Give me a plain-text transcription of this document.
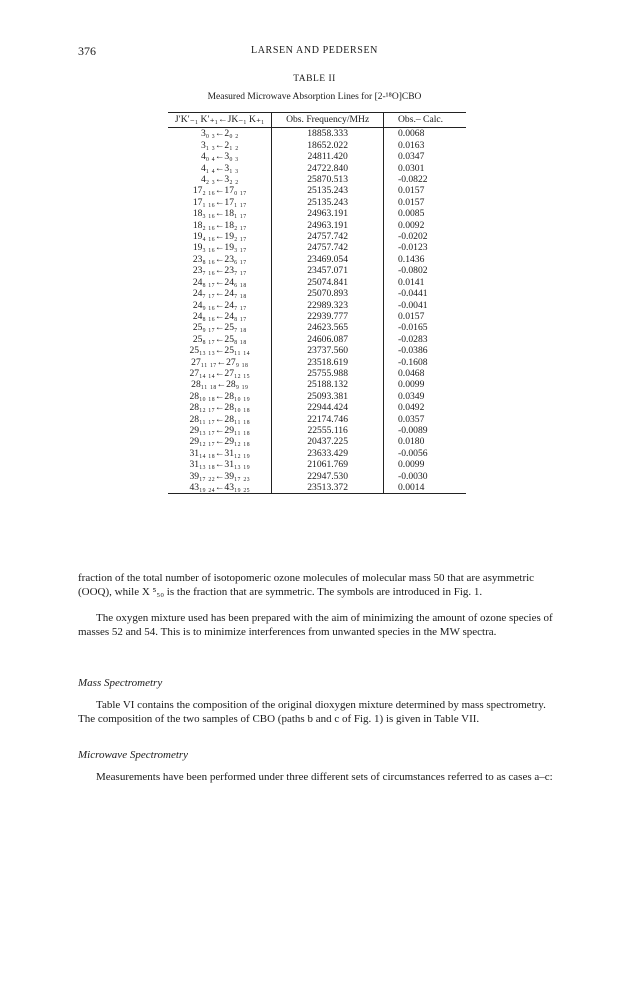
376	LARSEN AND PEDERSEN
TABLE II
Measured Microwave Absorption Lines for [2-¹⁸O]CBO
J′K′₋₁ K′₊₁←JK₋₁ K₊₁	Obs. Frequency/MHz	Obs.– Calc.
3₀ ₃←2₀ ₂	18858.333	0.0068
3₁ ₃←2₁ ₂	18652.022	0.0163
4₀ ₄←3₀ ₃	24811.420	0.0347
4₁ ₄←3₁ ₃	24722.840	0.0301
4₂ ₃←3₂ ₂	25870.513	-0.0822
17₂ ₁₆←17₀ ₁₇	25135.243	0.0157
17₁ ₁₆←17₁ ₁₇	25135.243	0.0157
18₃ ₁₆←18₁ ₁₇	24963.191	0.0085
18₂ ₁₆←18₂ ₁₇	24963.191	0.0092
19₄ ₁₆←19₂ ₁₇	24757.742	-0.0202
19₃ ₁₆←19₃ ₁₇	24757.742	-0.0123
23₈ ₁₆←23₆ ₁₇	23469.054	0.1436
23₇ ₁₆←23₇ ₁₇	23457.071	-0.0802
24₈ ₁₇←24₆ ₁₈	25074.841	0.0141
24₇ ₁₇←24₇ ₁₈	25070.893	-0.0441
24₉ ₁₆←24₇ ₁₇	22989.323	-0.0041
24₈ ₁₆←24₈ ₁₇	22939.777	0.0157
25₉ ₁₇←25₇ ₁₈	24623.565	-0.0165
25₈ ₁₇←25₈ ₁₈	24606.087	-0.0283
25₁₃ ₁₃←25₁₁ ₁₄	23737.560	-0.0386
27₁₁ ₁₇←27₉ ₁₈	23518.619	-0.1608
27₁₄ ₁₄←27₁₂ ₁₅	25755.988	0.0468
28₁₁ ₁₈←28₉ ₁₉	25188.132	0.0099
28₁₀ ₁₈←28₁₀ ₁₉	25093.381	0.0349
28₁₂ ₁₇←28₁₀ ₁₈	22944.424	0.0492
28₁₁ ₁₇←28₁₁ ₁₈	22174.746	0.0357
29₁₃ ₁₇←29₁₁ ₁₈	22555.116	-0.0089
29₁₂ ₁₇←29₁₂ ₁₈	20437.225	0.0180
31₁₄ ₁₈←31₁₂ ₁₉	23633.429	-0.0056
31₁₃ ₁₈←31₁₃ ₁₉	21061.769	0.0099
39₁₇ ₂₂←39₁₇ ₂₃	22947.530	-0.0030
43₁₉ ₂₄←43₁₉ ₂₅	23513.372	0.0014

fraction of the total number of isotopomeric ozone molecules of molecular mass 50 that are asymmetric (OOQ), while X ⁵₅₀ is the fraction that are symmetric. The symbols are introduced in Fig. 1.

The oxygen mixture used has been prepared with the aim of minimizing the amount of ozone species of masses 52 and 54. This is to minimize interferences from unwanted species in the MW spectra.

Mass Spectrometry

Table VI contains the composition of the original dioxygen mixture determined by mass spectrometry. The composition of the two samples of CBO (paths b and c of Fig. 1) is given in Table VII.

Microwave Spectrometry

Measurements have been performed under three different sets of circumstances referred to as cases a–c:
